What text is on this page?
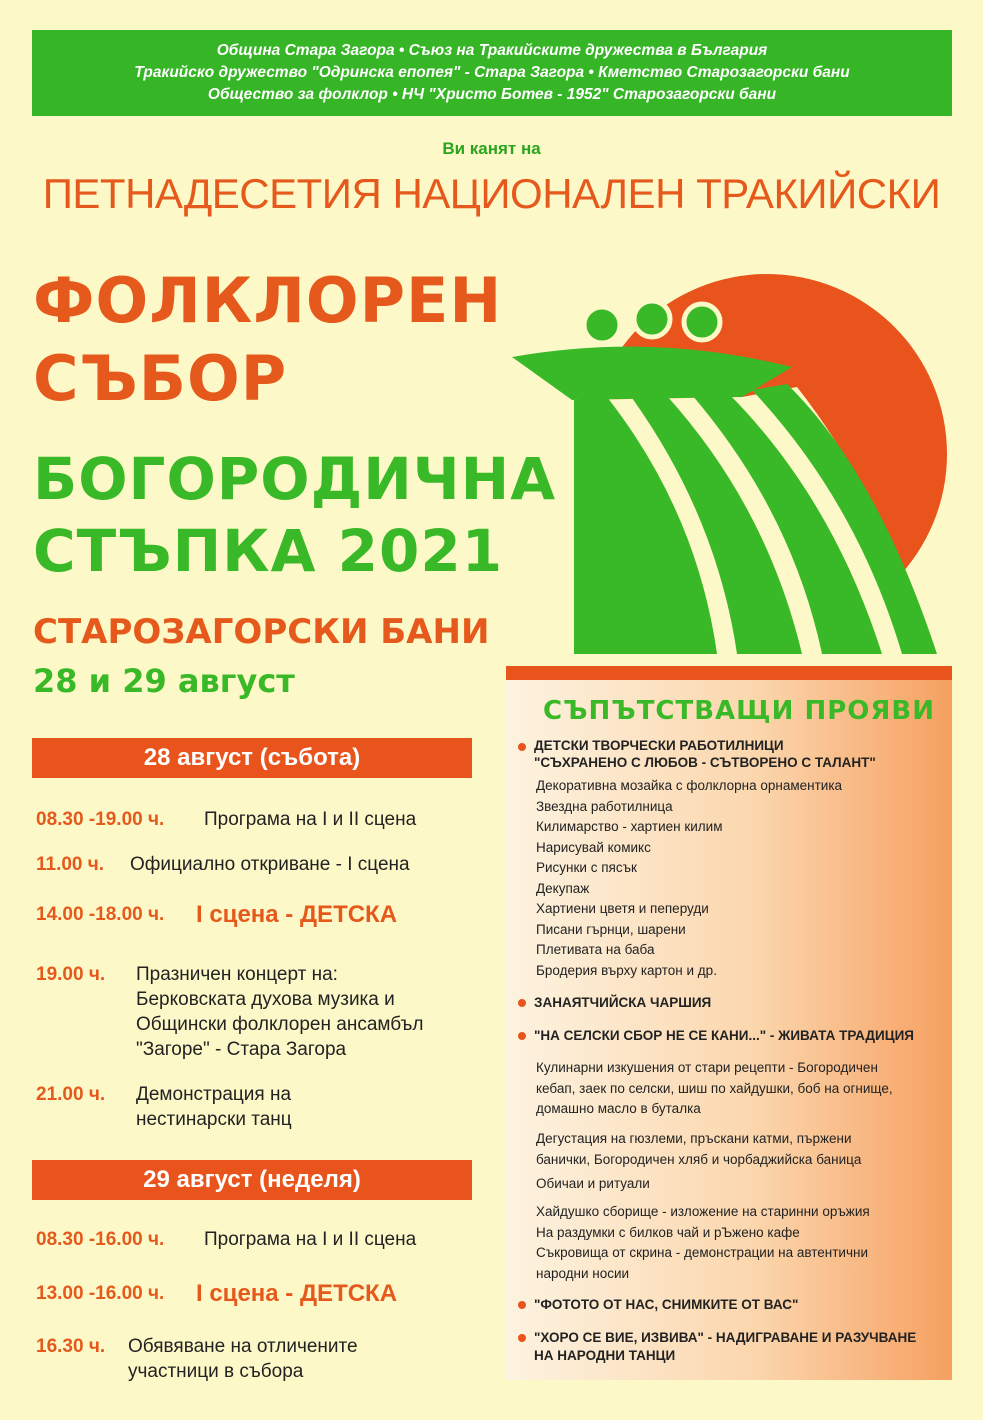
Община Стара Загора • Съюз на Тракийските дружества в България
Тракийско дружество "Одринска епопея" - Стара Загора • Кметство Старозагорски бани
Общество за фолклор • НЧ "Христо Ботев - 1952" Старозагорски бани
Ви канят на
ПЕТНАДЕСЕТИЯ НАЦИОНАЛЕН ТРАКИЙСКИ
ФОЛКЛОРЕН
СЪБОР
БОГОРОДИЧНА
СТЪПКА 2021
СТАРОЗАГОРСКИ БАНИ
28 и 29 август
28 август (събота)
08.30 -19.00 ч. Програма на I и II сцена
11.00 ч. Официално откриване - I сцена
14.00 -18.00 ч. I сцена - ДЕТСКА
19.00 ч. Празничен концерт на:
Берковската духова музика и
Общински фолклорен ансамбъл
"Загоре" - Стара Загора
21.00 ч. Демонстрация на
нестинарски танц
29 август (неделя)
08.30 -16.00 ч. Програма на I и II сцена
13.00 -16.00 ч. I сцена - ДЕТСКА
16.30 ч. Обявяване на отличените
участници в събора
СЪПЪТСТВАЩИ ПРОЯВИ
ДЕТСКИ ТВОРЧЕСКИ РАБОТИЛНИЦИ
"СЪХРАНЕНО С ЛЮБОВ - СЪТВОРЕНО С ТАЛАНТ"
Декоративна мозайка с фолклорна орнаментика
Звездна работилница
Килимарство - хартиен килим
Нарисувай комикс
Рисунки с пясък
Декупаж
Хартиени цветя и пеперуди
Писани гърнци, шарени
Плетивата на баба
Бродерия върху картон и др.
ЗАНАЯТЧИЙСКА ЧАРШИЯ
"НА СЕЛСКИ СБОР НЕ СЕ КАНИ..." - ЖИВАТА ТРАДИЦИЯ
Кулинарни изкушения от стари рецепти - Богородичен
кебап, заек по селски, шиш по хайдушки, боб на огнище,
домашно масло в буталка
Дегустация на гюзлеми, пръскани катми, пържени
банички, Богородичен хляб и чорбаджийска баница
Обичаи и ритуали
Хайдушко сборище - изложение на старинни оръжия
На раздумки с билков чай и рЪжено кафе
Съкровища от скрина - демонстрации на автентични
народни носии
"ФОТОТО ОТ НАС, СНИМКИТЕ ОТ ВАС"
"ХОРО СЕ ВИЕ, ИЗВИВА" - НАДИГРАВАНЕ И РАЗУЧВАНЕ
НА НАРОДНИ ТАНЦИ
